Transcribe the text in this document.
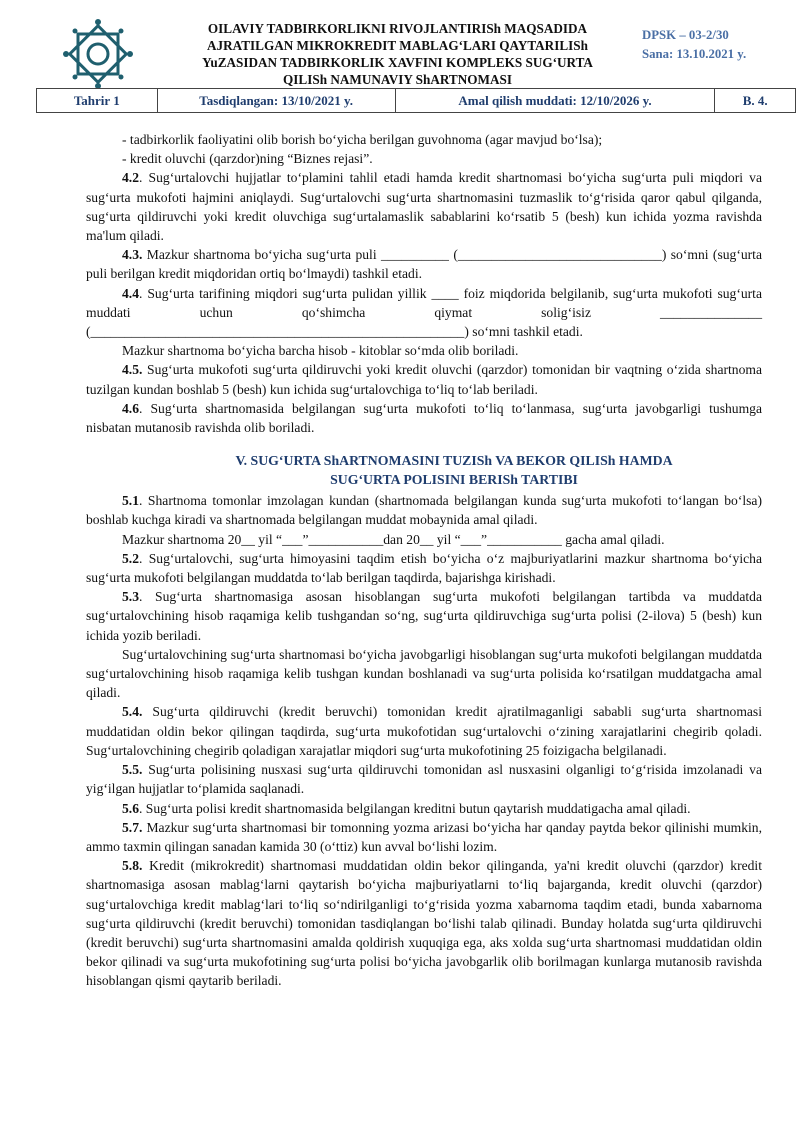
OILAVIY TADBIRKORLIKNI RIVOJLANTIRISh MAQSADIDA
AJRATILGAN MIKROKREDIT MABLAG‘LARI QAYTARILISh
YuZASIDAN TADBIRKORLIK XAVFINI KOMPLEKS SUG‘URTA
QILISh NAMUNAVIY ShARTNOMASI
DPSK – 03-2/30
Sana: 13.10.2021 y.
Tahrir 1	Tasdiqlangan: 13/10/2021 y.	Amal qilish muddati: 12/10/2026 y.	B. 4.

- tadbirkorlik faoliyatini olib borish bo‘yicha berilgan guvohnoma (agar mavjud bo‘lsa);

- kredit oluvchi (qarzdor)ning “Biznes rejasi”.

4.2. Sug‘urtalovchi hujjatlar to‘plamini tahlil etadi hamda kredit shartnomasi bo‘yicha sug‘urta puli miqdori va sug‘urta mukofoti hajmini aniqlaydi. Sug‘urtalovchi sug‘urta shartnomasini tuzmaslik to‘g‘risida qaror qabul qilganda, sug‘urta qildiruvchi yoki kredit oluvchiga sug‘urtalamaslik sabablarini ko‘rsatib 5 (besh) kun ichida yozma ravishda ma'lum qiladi.

4.3. Mazkur shartnoma bo‘yicha sug‘urta puli __________ (______________________________) so‘mni (sug‘urta puli berilgan kredit miqdoridan ortiq bo‘lmaydi) tashkil etadi.

4.4. Sug‘urta tarifining miqdori sug‘urta pulidan yillik ____ foiz miqdorida belgilanib, sug‘urta mukofoti sug‘urta muddati uchun qo‘shimcha qiymat solig‘isiz _______________ (_______________________________________________________) so‘mni tashkil etadi.

Mazkur shartnoma bo‘yicha barcha hisob - kitoblar so‘mda olib boriladi.

4.5. Sug‘urta mukofoti sug‘urta qildiruvchi yoki kredit oluvchi (qarzdor) tomonidan bir vaqtning o‘zida shartnoma tuzilgan kundan boshlab 5 (besh) kun ichida sug‘urtalovchiga to‘liq to‘lab beriladi.

4.6. Sug‘urta shartnomasida belgilangan sug‘urta mukofoti to‘liq to‘lanmasa, sug‘urta javobgarligi tushumga nisbatan mutanosib ravishda olib boriladi.

V. SUG‘URTA ShARTNOMASINI TUZISh VA BEKOR QILISh HAMDA
SUG‘URTA POLISINI BERISh TARTIBI

5.1. Shartnoma tomonlar imzolagan kundan (shartnomada belgilangan kunda sug‘urta mukofoti to‘langan bo‘lsa) boshlab kuchga kiradi va shartnomada belgilangan muddat mobaynida amal qiladi.

Mazkur shartnoma 20__ yil “___”___________dan 20__ yil “___”___________ gacha amal qiladi.

5.2. Sug‘urtalovchi, sug‘urta himoyasini taqdim etish bo‘yicha o‘z majburiyatlarini mazkur shartnoma bo‘yicha sug‘urta mukofoti belgilangan muddatda to‘lab berilgan taqdirda, bajarishga kirishadi.

5.3. Sug‘urta shartnomasiga asosan hisoblangan sug‘urta mukofoti belgilangan tartibda va muddatda sug‘urtalovchining hisob raqamiga kelib tushgandan so‘ng, sug‘urta qildiruvchiga sug‘urta polisi (2-ilova) 5 (besh) kun ichida yozib beriladi.

Sug‘urtalovchining sug‘urta shartnomasi bo‘yicha javobgarligi hisoblangan sug‘urta mukofoti belgilangan muddatda sug‘urtalovchining hisob raqamiga kelib tushgan kundan boshlanadi va sug‘urta polisida ko‘rsatilgan muddatgacha amal qiladi.

5.4. Sug‘urta qildiruvchi (kredit beruvchi) tomonidan kredit ajratilmaganligi sababli sug‘urta shartnomasi muddatidan oldin bekor qilingan taqdirda, sug‘urta mukofotidan sug‘urtalovchi o‘zining xarajatlarini chegirib qoladi. Sug‘urtalovchining chegirib qoladigan xarajatlar miqdori sug‘urta mukofotining 25 foizigacha belgilanadi.

5.5. Sug‘urta polisining nusxasi sug‘urta qildiruvchi tomonidan asl nusxasini olganligi to‘g‘risida imzolanadi va yig‘ilgan hujjatlar to‘plamida saqlanadi.

5.6. Sug‘urta polisi kredit shartnomasida belgilangan kreditni butun qaytarish muddatigacha amal qiladi.

5.7. Mazkur sug‘urta shartnomasi bir tomonning yozma arizasi bo‘yicha har qanday paytda bekor qilinishi mumkin, ammo taxmin qilingan sanadan kamida 30 (o‘ttiz) kun avval bo‘lishi lozim.

5.8. Kredit (mikrokredit) shartnomasi muddatidan oldin bekor qilinganda, ya'ni kredit oluvchi (qarzdor) kredit shartnomasiga asosan mablag‘larni qaytarish bo‘yicha majburiyatlarni to‘liq bajarganda, kredit oluvchi (qarzdor) sug‘urtalovchiga kredit mablag‘lari to‘liq so‘ndirilganligi to‘g‘risida yozma xabarnoma taqdim etadi, bunda xabarnoma sug‘urta qildiruvchi (kredit beruvchi) tomonidan tasdiqlangan bo‘lishi talab qilinadi. Bunday holatda sug‘urta qildiruvchi (kredit beruvchi) sug‘urta shartnomasini amalda qoldirish xuquqiga ega, aks xolda sug‘urta shartnomasi muddatidan oldin bekor qilinadi va sug‘urta mukofotining sug‘urta polisi bo‘yicha javobgarlik olib borilmagan kunlarga mutanosib ravishda hisoblangan qismi qaytarib beriladi.
